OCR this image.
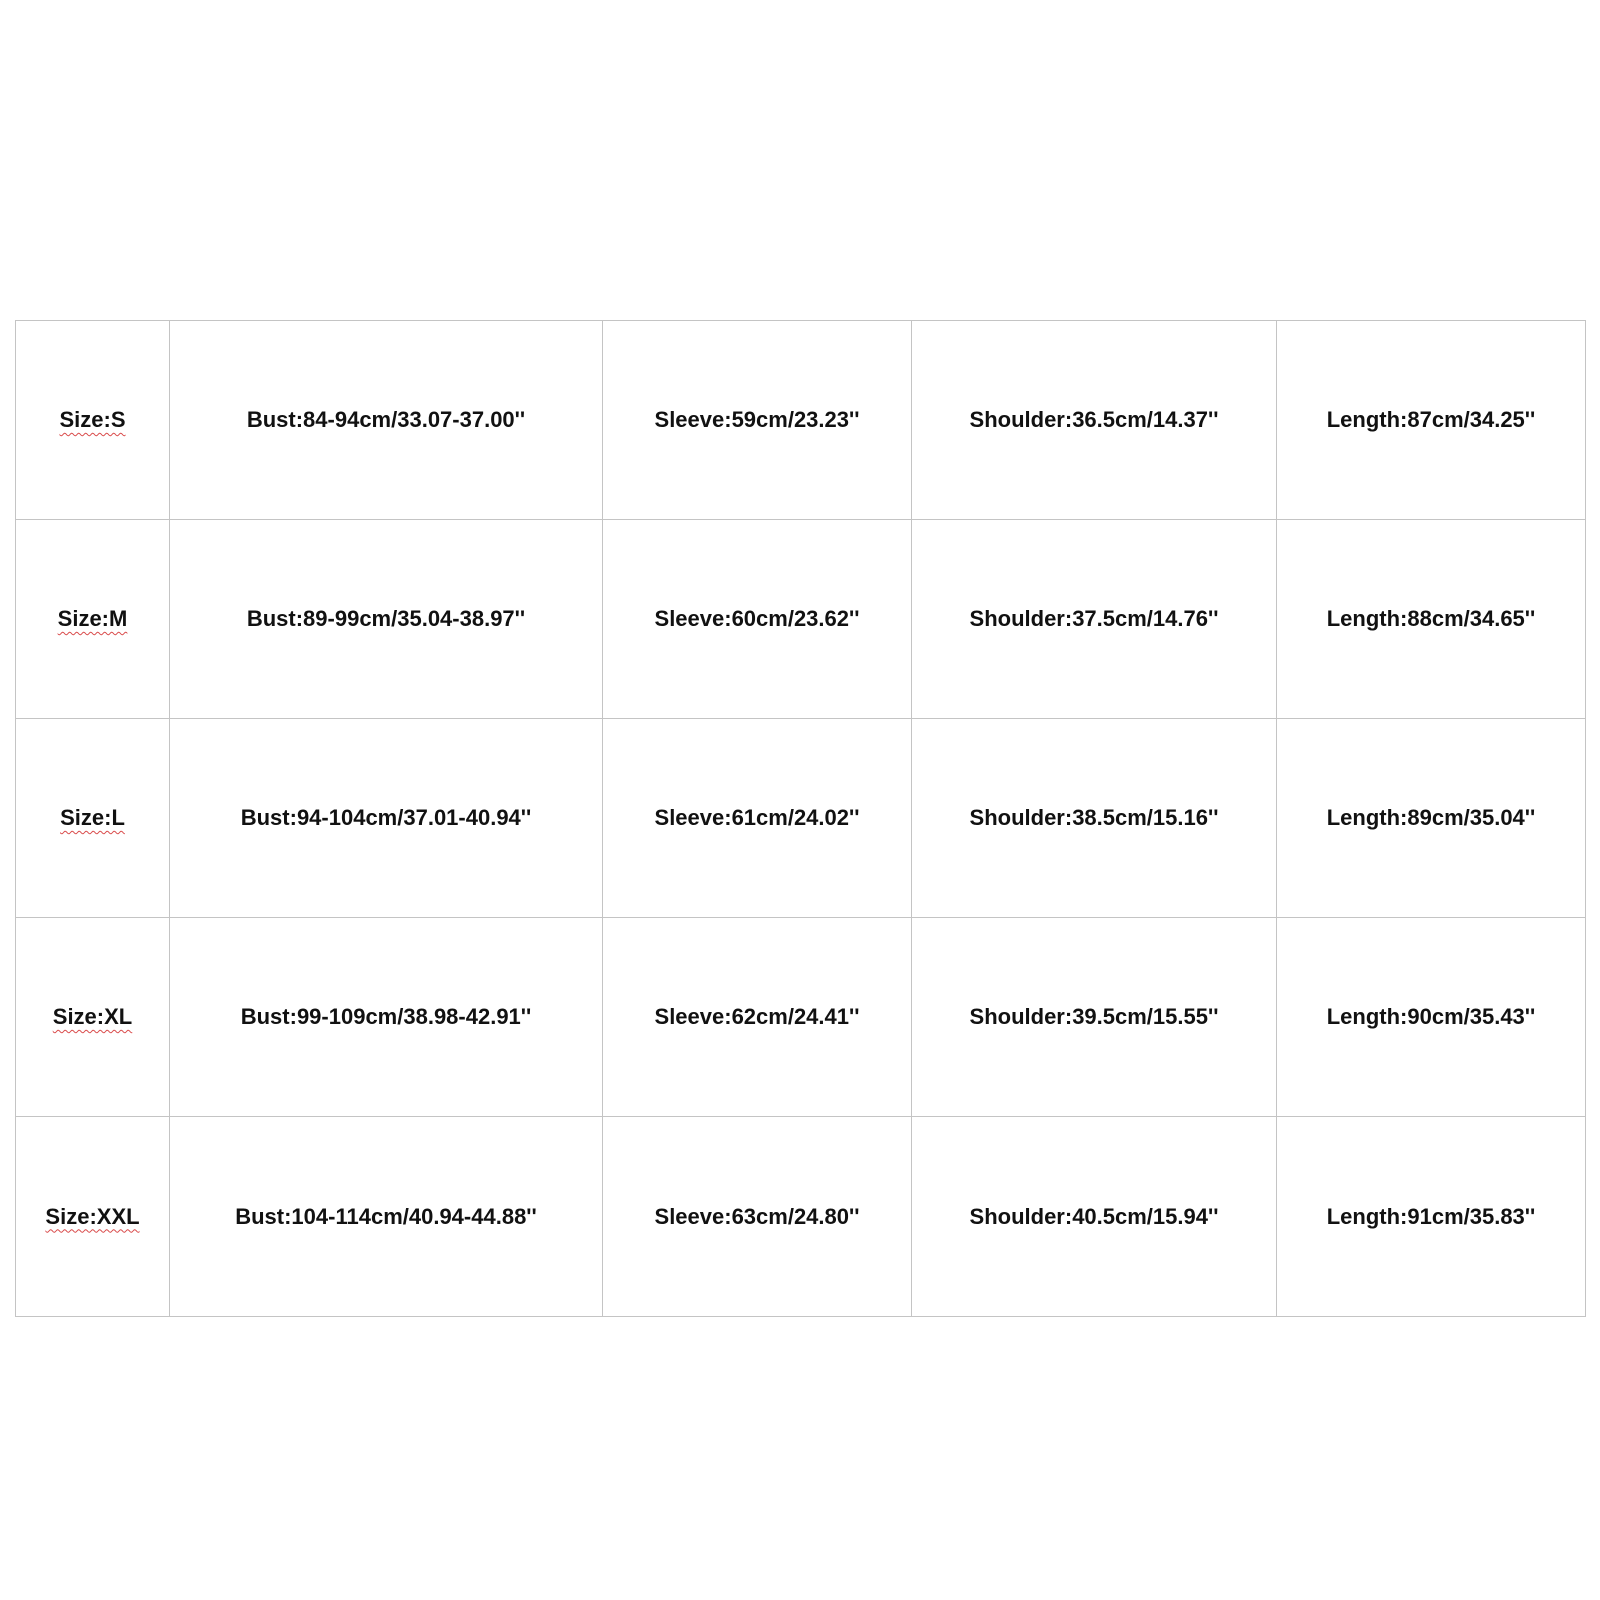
Size:S	Bust:84-94cm/33.07-37.00''	Sleeve:59cm/23.23''	Shoulder:36.5cm/14.37''	Length:87cm/34.25''
Size:M	Bust:89-99cm/35.04-38.97''	Sleeve:60cm/23.62''	Shoulder:37.5cm/14.76''	Length:88cm/34.65''
Size:L	Bust:94-104cm/37.01-40.94''	Sleeve:61cm/24.02''	Shoulder:38.5cm/15.16''	Length:89cm/35.04''
Size:XL	Bust:99-109cm/38.98-42.91''	Sleeve:62cm/24.41''	Shoulder:39.5cm/15.55''	Length:90cm/35.43''
Size:XXL	Bust:104-114cm/40.94-44.88''	Sleeve:63cm/24.80''	Shoulder:40.5cm/15.94''	Length:91cm/35.83''
